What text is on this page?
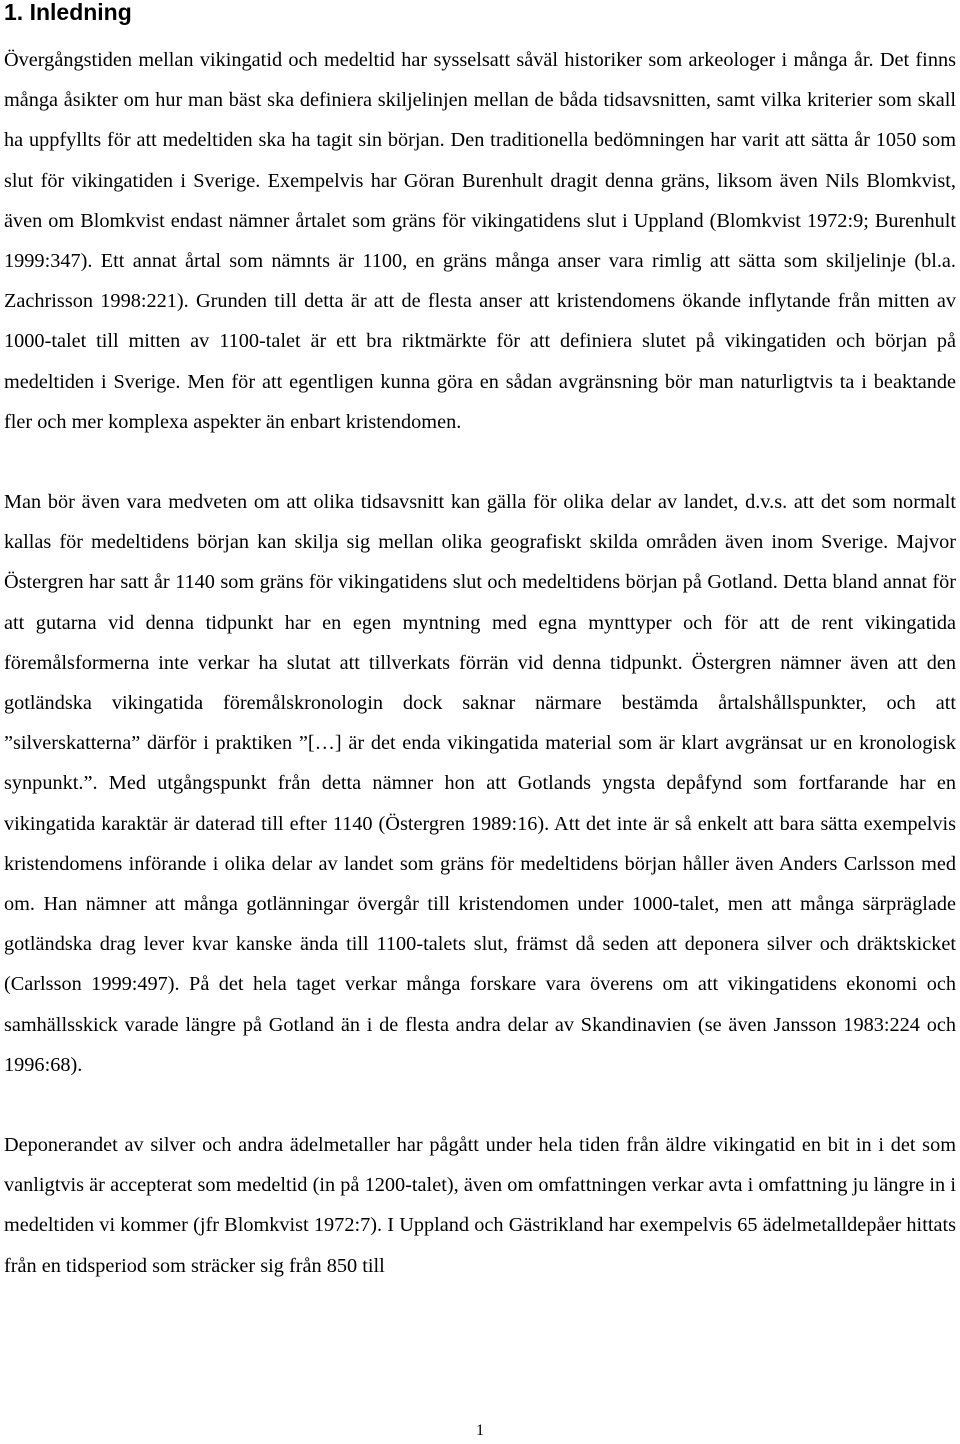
1. Inledning

Övergångstiden mellan vikingatid och medeltid har sysselsatt såväl historiker som arkeologer i många år. Det finns många åsikter om hur man bäst ska definiera skiljelinjen mellan de båda tidsavsnitten, samt vilka kriterier som skall ha uppfyllts för att medeltiden ska ha tagit sin början. Den traditionella bedömningen har varit att sätta år 1050 som slut för vikingatiden i Sverige. Exempelvis har Göran Burenhult dragit denna gräns, liksom även Nils Blomkvist, även om Blomkvist endast nämner årtalet som gräns för vikingatidens slut i Uppland (Blomkvist 1972:9; Burenhult 1999:347). Ett annat årtal som nämnts är 1100, en gräns många anser vara rimlig att sätta som skiljelinje (bl.a. Zachrisson 1998:221). Grunden till detta är att de flesta anser att kristendomens ökande inflytande från mitten av 1000-talet till mitten av 1100-talet är ett bra riktmärkte för att definiera slutet på vikingatiden och början på medeltiden i Sverige. Men för att egentligen kunna göra en sådan avgränsning bör man naturligtvis ta i beaktande fler och mer komplexa aspekter än enbart kristendomen.

Man bör även vara medveten om att olika tidsavsnitt kan gälla för olika delar av landet, d.v.s. att det som normalt kallas för medeltidens början kan skilja sig mellan olika geografiskt skilda områden även inom Sverige. Majvor Östergren har satt år 1140 som gräns för vikingatidens slut och medeltidens början på Gotland. Detta bland annat för att gutarna vid denna tidpunkt har en egen myntning med egna mynttyper och för att de rent vikingatida föremålsformerna inte verkar ha slutat att tillverkats förrän vid denna tidpunkt. Östergren nämner även att den gotländska vikingatida föremålskronologin dock saknar närmare bestämda årtalshållspunkter, och att ”silverskatterna” därför i praktiken ”[…] är det enda vikingatida material som är klart avgränsat ur en kronologisk synpunkt.”. Med utgångspunkt från detta nämner hon att Gotlands yngsta depåfynd som fortfarande har en vikingatida karaktär är daterad till efter 1140 (Östergren 1989:16). Att det inte är så enkelt att bara sätta exempelvis kristendomens införande i olika delar av landet som gräns för medeltidens början håller även Anders Carlsson med om. Han nämner att många gotlänningar övergår till kristendomen under 1000-talet, men att många särpräglade gotländska drag lever kvar kanske ända till 1100-talets slut, främst då seden att deponera silver och dräktskicket (Carlsson 1999:497). På det hela taget verkar många forskare vara överens om att vikingatidens ekonomi och samhällsskick varade längre på Gotland än i de flesta andra delar av Skandinavien (se även Jansson 1983:224 och 1996:68).

Deponerandet av silver och andra ädelmetaller har pågått under hela tiden från äldre vikingatid en bit in i det som vanligtvis är accepterat som medeltid (in på 1200-talet), även om omfattningen verkar avta i omfattning ju längre in i medeltiden vi kommer (jfr Blomkvist 1972:7). I Uppland och Gästrikland har exempelvis 65 ädelmetalldepåer hittats från en tidsperiod som sträcker sig från 850 till

1
